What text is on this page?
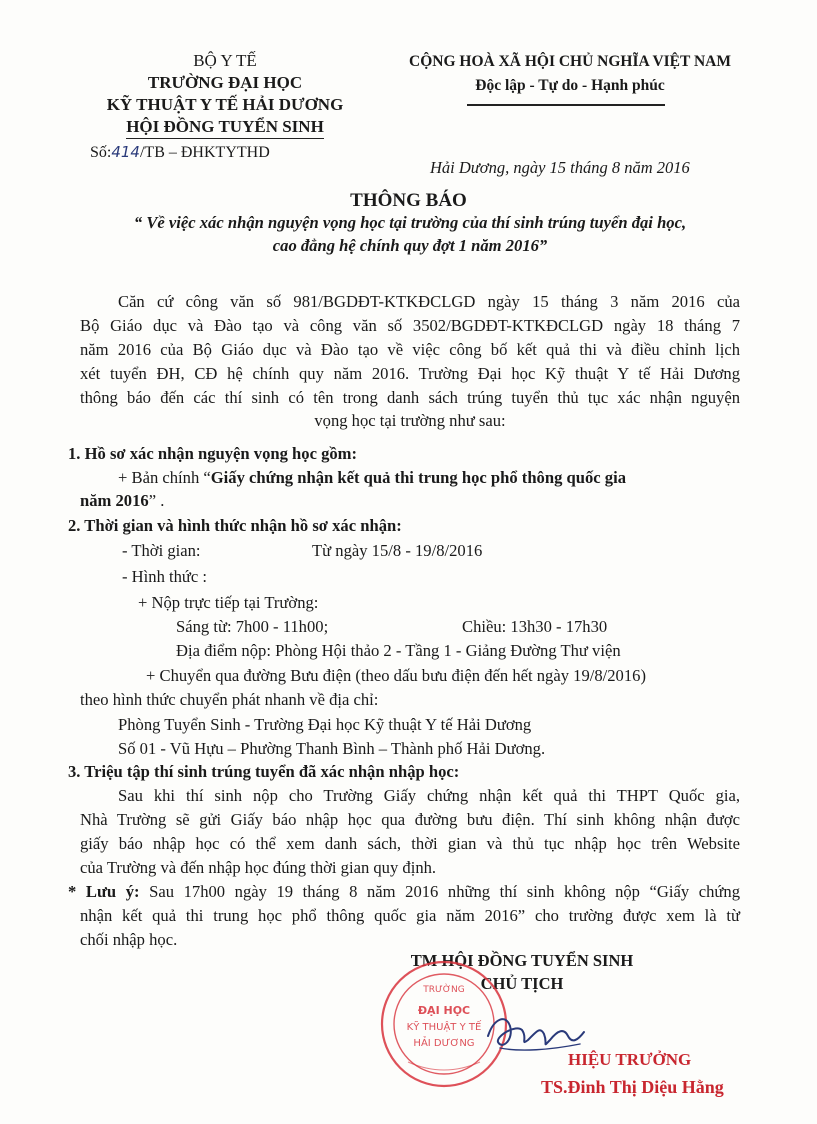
BỘ Y TẾ
TRƯỜNG ĐẠI HỌC
KỸ THUẬT Y TẾ HẢI DƯƠNG
HỘI ĐỒNG TUYỂN SINH
Số:414/TB – ĐHKTYTHD
CỘNG HOÀ XÃ HỘI CHỦ NGHĨA VIỆT NAM
Độc lập - Tự do - Hạnh phúc
Hải Dương, ngày 15 tháng 8 năm 2016
THÔNG BÁO
“ Về việc xác nhận nguyện vọng học tại trường của thí sinh trúng tuyển đại học,
cao đẳng hệ chính quy đợt 1 năm 2016”
Căn cứ công văn số 981/BGDĐT-KTKĐCLGD ngày 15 tháng 3 năm 2016 của
Bộ Giáo dục và Đào tạo và công văn số 3502/BGDĐT-KTKĐCLGD ngày 18 tháng 7
năm 2016 của Bộ Giáo dục và Đào tạo về việc công bố kết quả thi và điều chỉnh lịch
xét tuyển ĐH, CĐ hệ chính quy năm 2016. Trường Đại học Kỹ thuật Y tế Hải Dương
thông báo đến các thí sinh có tên trong danh sách trúng tuyển thủ tục xác nhận nguyện
vọng học tại trường như sau:
1. Hồ sơ xác nhận nguyện vọng học gồm:
+ Bản chính “Giấy chứng nhận kết quả thi trung học phổ thông quốc gia
năm 2016” .
2. Thời gian và hình thức nhận hồ sơ xác nhận:
- Thời gian:	Từ ngày 15/8 - 19/8/2016
- Hình thức :
+ Nộp trực tiếp tại Trường:
Sáng từ: 7h00 - 11h00;	Chiều: 13h30 - 17h30
Địa điểm nộp: Phòng Hội thảo 2 - Tầng 1 - Giảng Đường Thư viện
+ Chuyển qua đường Bưu điện (theo dấu bưu điện đến hết ngày 19/8/2016)
theo hình thức chuyển phát nhanh về địa chỉ:
Phòng Tuyển Sinh - Trường Đại học Kỹ thuật Y tế Hải Dương
Số 01 - Vũ Hựu – Phường Thanh Bình – Thành phố Hải Dương.
3. Triệu tập thí sinh trúng tuyển đã xác nhận nhập học:
Sau khi thí sinh nộp cho Trường Giấy chứng nhận kết quả thi THPT Quốc gia,
Nhà Trường sẽ gửi Giấy báo nhập học qua đường bưu điện. Thí sinh không nhận được
giấy báo nhập học có thể xem danh sách, thời gian và thủ tục nhập học trên Website
của Trường và đến nhập học đúng thời gian quy định.
* Lưu ý: Sau 17h00 ngày 19 tháng 8 năm 2016 những thí sinh không nộp “Giấy chứng
nhận kết quả thi trung học phổ thông quốc gia năm 2016” cho trường được xem là từ
chối nhập học.
TM HỘI ĐỒNG TUYỂN SINH
CHỦ TỊCH
TRƯỜNG
ĐẠI HỌC
KỸ THUẬT Y TẾ
HẢI DƯƠNG
HIỆU TRƯỞNG
TS.Đinh Thị Diệu Hằng
